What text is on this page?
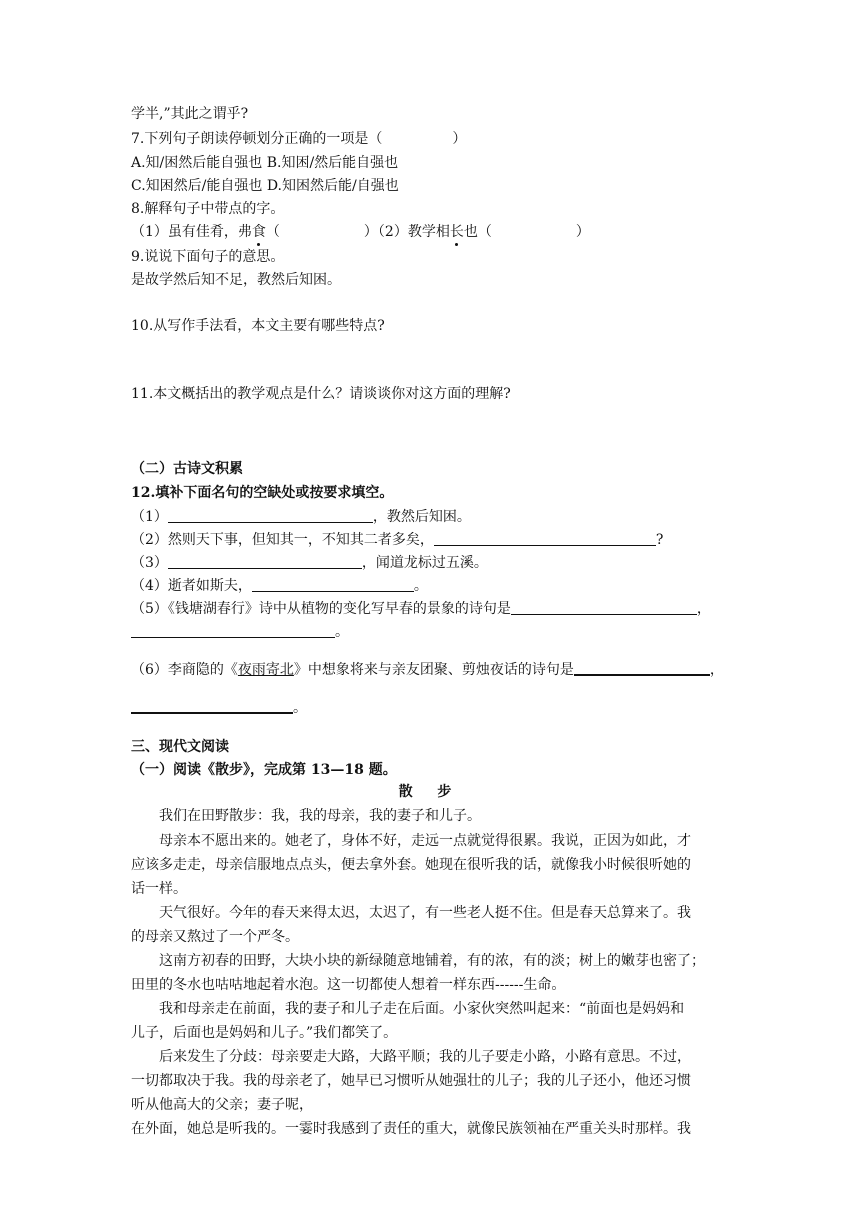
学半,”其此之谓乎?
7.下列句子朗读停顿划分正确的一项是（　　　　　）
A.知/困然后能自强也 B.知困/然后能自强也
C.知困然后/能自强也 D.知困然后能/自强也
8.解释句子中带点的字。
（1）虽有佳肴，弗食（　　　　　　）（2）教学相长也（　　　　　　）
9.说说下面句子的意思。
是故学然后知不足，教然后知困。
10.从写作手法看，本文主要有哪些特点?
11.本文概括出的教学观点是什么？请谈谈你对这方面的理解?
（二）古诗文积累
12.填补下面名句的空缺处或按要求填空。
（1）	，教然后知困。
（2）然则天下事，但知其一，不知其二者多矣，	?
（3）	，闻道龙标过五溪。
（4）逝者如斯夫，	。
（5）《钱塘湖春行》诗中从植物的变化写早春的景象的诗句是	，
。
（6）李商隐的《夜雨寄北》中想象将来与亲友团聚、剪烛夜话的诗句是	，
。
三、现代文阅读
（一）阅读《散步》，完成第 13—18 题。
散 步
我们在田野散步：我，我的母亲，我的妻子和儿子。
母亲本不愿出来的。她老了，身体不好，走远一点就觉得很累。我说，正因为如此，才
应该多走走，母亲信服地点点头，便去拿外套。她现在很听我的话，就像我小时候很听她的
话一样。
天气很好。今年的春天来得太迟，太迟了，有一些老人挺不住。但是春天总算来了。我
的母亲又熬过了一个严冬。
这南方初春的田野，大块小块的新绿随意地铺着，有的浓，有的淡；树上的嫩芽也密了；
田里的冬水也咕咕地起着水泡。这一切都使人想着一样东西------生命。
我和母亲走在前面，我的妻子和儿子走在后面。小家伙突然叫起来：“前面也是妈妈和
儿子，后面也是妈妈和儿子。”我们都笑了。
后来发生了分歧：母亲要走大路，大路平顺；我的儿子要走小路，小路有意思。不过，
一切都取决于我。我的母亲老了，她早已习惯听从她强壮的儿子；我的儿子还小，他还习惯
听从他高大的父亲；妻子呢，
在外面，她总是听我的。一霎时我感到了责任的重大，就像民族领袖在严重关头时那样。我
